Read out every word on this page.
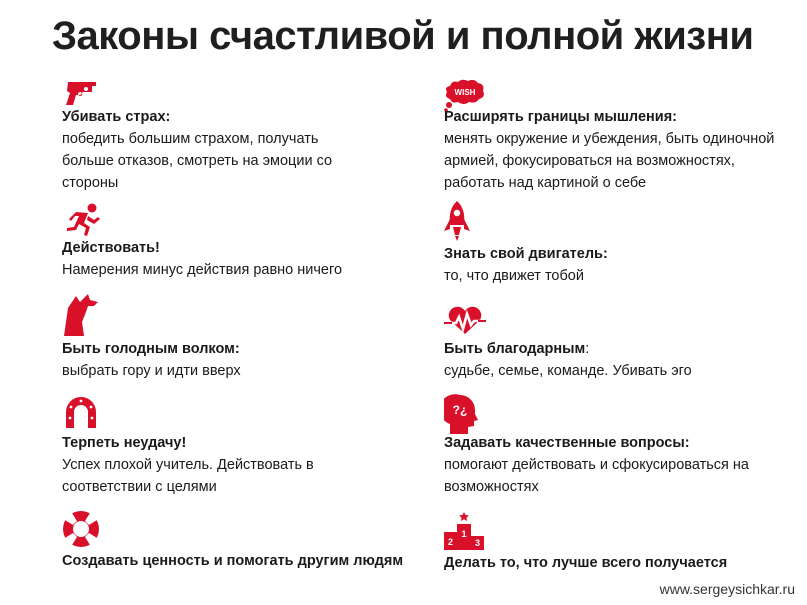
Законы счастливой и полной жизни
Убивать страх:
победить большим страхом, получать больше отказов, смотреть на эмоции со стороны
Действовать!
Намерения минус действия равно ничего
Быть голодным волком:
выбрать гору и идти вверх
Терпеть неудачу!
Успех плохой учитель. Действовать в соответствии с целями
Создавать ценность и помогать другим людям
WISH
Расширять границы мышления:
менять окружение и убеждения, быть одиночной армией, фокусироваться на возможностях, работать над картиной о себе
Знать свой двигатель:
то, что движет тобой
Быть благодарным:
судьбе, семье, команде. Убивать эго
?¿
Задавать качественные вопросы:
помогают действовать и сфокусироваться на возможностях
1
2 3
Делать то, что лучше всего получается
www.sergeysichkar.ru
